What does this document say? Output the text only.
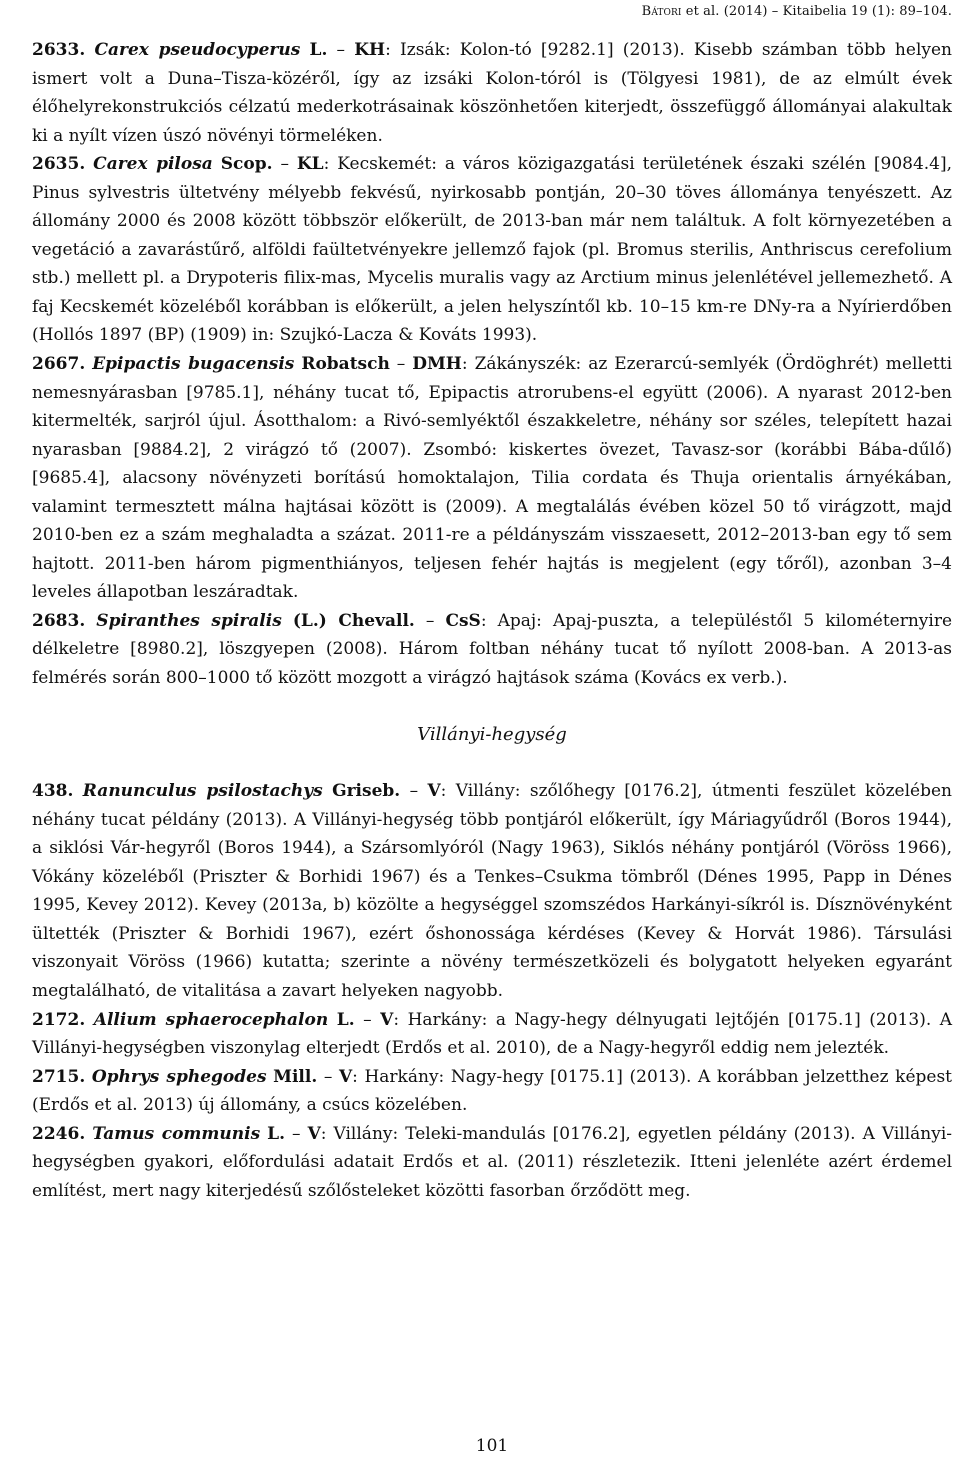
Bátori et al. (2014) – Kitaibelia 19 (1): 89–104.

2633. Carex pseudocyperus L. – KH: Izsák: Kolon-tó [9282.1] (2013). Kisebb számban több helyen ismert volt a Duna–Tisza-közéről, így az izsáki Kolon-tóról is (Tölgyesi 1981), de az elmúlt évek élőhelyrekonstrukciós célzatú mederkotrásainak köszönhetően kiterjedt, összefüggő állományai alakultak ki a nyílt vízen úszó növényi törmeléken.

2635. Carex pilosa Scop. – KL: Kecskemét: a város közigazgatási területének északi szélén [9084.4], Pinus sylvestris ültetvény mélyebb fekvésű, nyirkosabb pontján, 20–30 töves állománya tenyészett. Az állomány 2000 és 2008 között többször előkerült, de 2013-ban már nem találtuk. A folt környezetében a vegetáció a zavarástűrő, alföldi faültetvényekre jellemző fajok (pl. Bromus sterilis, Anthriscus cerefolium stb.) mellett pl. a Drypoteris filix-mas, Mycelis muralis vagy az Arctium minus jelenlétével jellemezhető. A faj Kecskemét közeléből korábban is előkerült, a jelen helyszíntől kb. 10–15 km-re DNy-ra a Nyírierdőben (Hollós 1897 (BP) (1909) in: Szujkó-Lacza & Kováts 1993).

2667. Epipactis bugacensis Robatsch – DMH: Zákányszék: az Ezerarcú-semlyék (Ördöghrét) melletti nemesnyárasban [9785.1], néhány tucat tő, Epipactis atrorubens-el együtt (2006). A nyarast 2012-ben kitermelték, sarjról újul. Ásotthalom: a Rivó-semlyéktől északkeletre, néhány sor széles, telepített hazai nyarasban [9884.2], 2 virágzó tő (2007). Zsombó: kiskertes övezet, Tavasz-sor (korábbi Bába-dűlő) [9685.4], alacsony növényzeti borítású homoktalajon, Tilia cordata és Thuja orientalis árnyékában, valamint termesztett málna hajtásai között is (2009). A megtalálás évében közel 50 tő virágzott, majd 2010-ben ez a szám meghaladta a százat. 2011-re a példányszám visszaesett, 2012–2013-ban egy tő sem hajtott. 2011-ben három pigmenthiányos, teljesen fehér hajtás is megjelent (egy tőről), azonban 3–4 leveles állapotban leszáradtak.

2683. Spiranthes spiralis (L.) Chevall. – CsS: Apaj: Apaj-puszta, a településtől 5 kilométernyire délkeletre [8980.2], löszgyepen (2008). Három foltban néhány tucat tő nyílott 2008-ban. A 2013-as felmérés során 800–1000 tő között mozgott a virágzó hajtások száma (Kovács ex verb.).

Villányi-hegység

438. Ranunculus psilostachys Griseb. – V: Villány: szőlőhegy [0176.2], útmenti feszület közelében néhány tucat példány (2013). A Villányi-hegység több pontjáról előkerült, így Máriagyűdről (Boros 1944), a siklósi Vár-hegyről (Boros 1944), a Szársomlyóról (Nagy 1963), Siklós néhány pontjáról (Vöröss 1966), Vókány közeléből (Priszter & Borhidi 1967) és a Tenkes–Csukma tömbről (Dénes 1995, Papp in Dénes 1995, Kevey 2012). Kevey (2013a, b) közölte a hegységgel szomszédos Harkányi-síkról is. Dísznövényként ültették (Priszter & Borhidi 1967), ezért őshonossága kérdéses (Kevey & Horvát 1986). Társulási viszonyait Vöröss (1966) kutatta; szerinte a növény természetközeli és bolygatott helyeken egyaránt megtalálható, de vitalitása a zavart helyeken nagyobb.

2172. Allium sphaerocephalon L. – V: Harkány: a Nagy-hegy délnyugati lejtőjén [0175.1] (2013). A Villányi-hegységben viszonylag elterjedt (Erdős et al. 2010), de a Nagy-hegyről eddig nem jelezték.

2715. Ophrys sphegodes Mill. – V: Harkány: Nagy-hegy [0175.1] (2013). A korábban jelzetthez képest (Erdős et al. 2013) új állomány, a csúcs közelében.

2246. Tamus communis L. – V: Villány: Teleki-mandulás [0176.2], egyetlen példány (2013). A Villányi-hegységben gyakori, előfordulási adatait Erdős et al. (2011) részletezik. Itteni jelenléte azért érdemel említést, mert nagy kiterjedésű szőlősteleket közötti fasorban őrződött meg.

101
